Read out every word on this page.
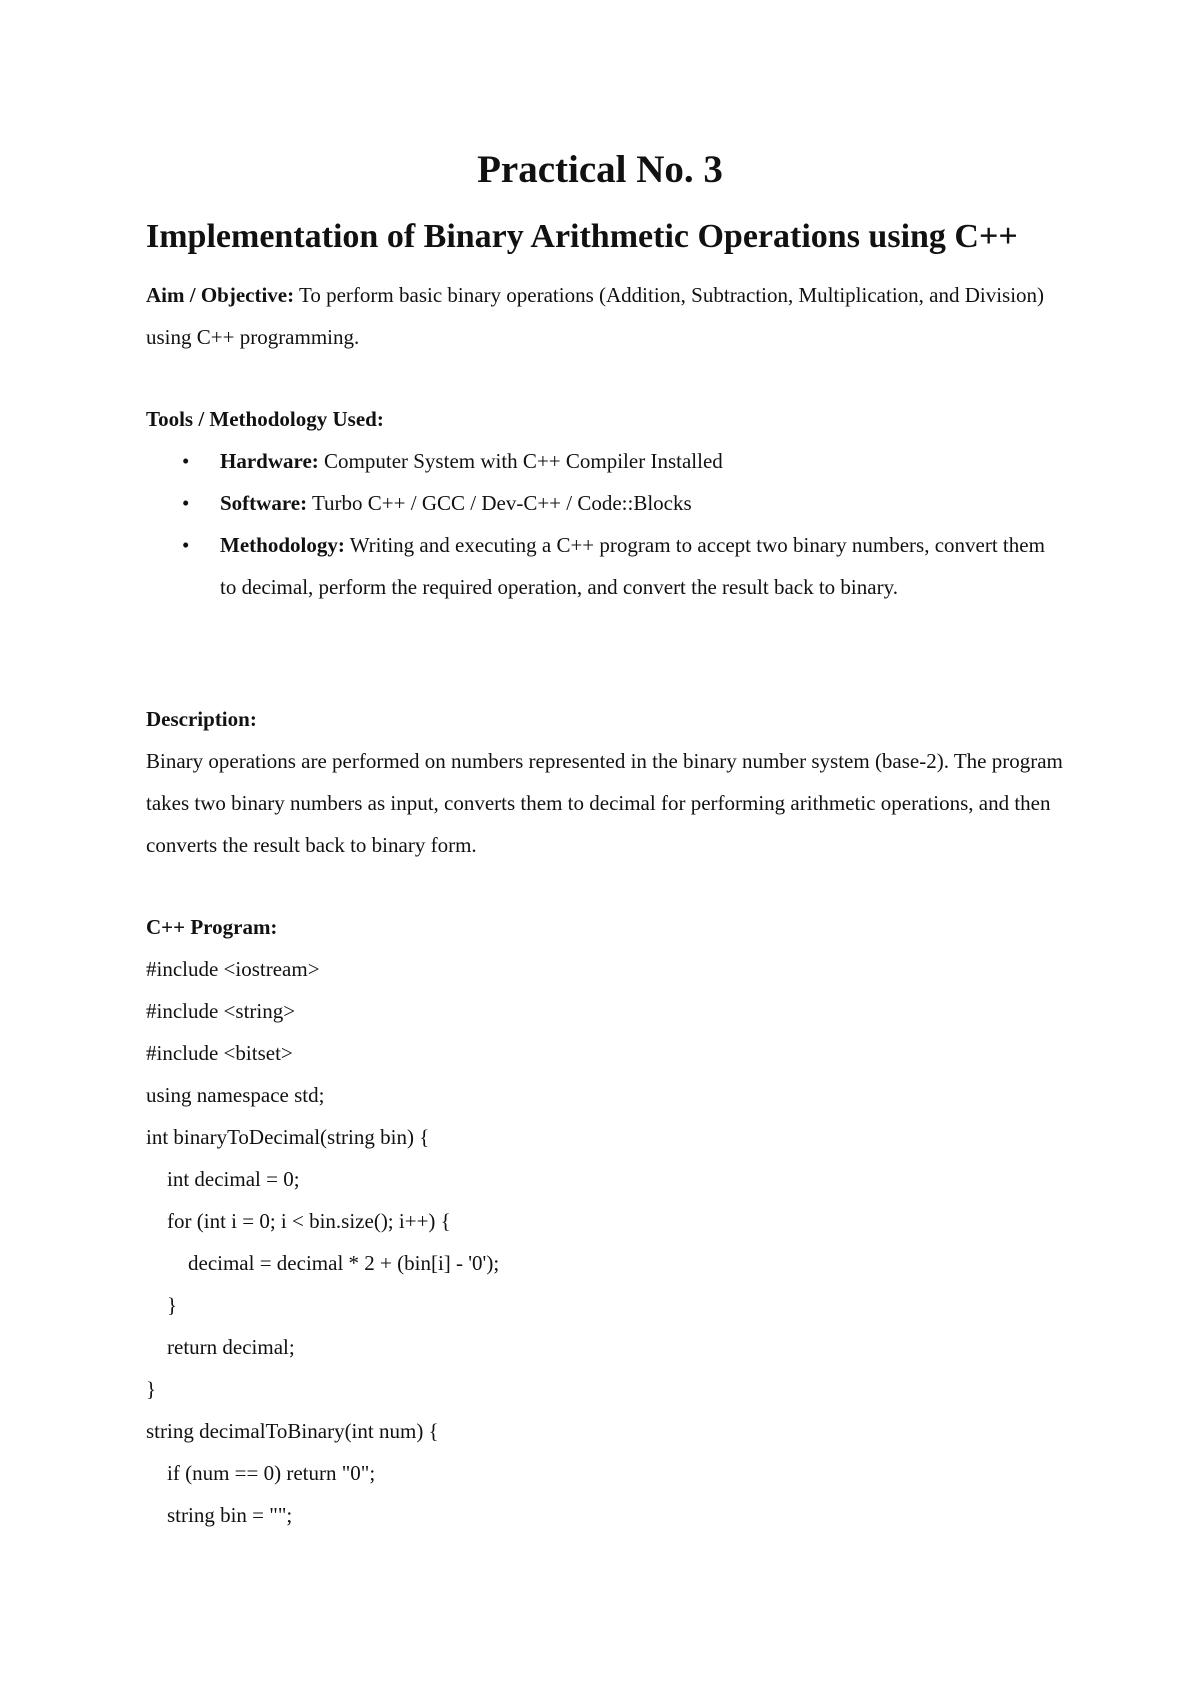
Practical No. 3
Implementation of Binary Arithmetic Operations using C++
Aim / Objective: To perform basic binary operations (Addition, Subtraction, Multiplication, and Division) using C++ programming.
Tools / Methodology Used:
• Hardware: Computer System with C++ Compiler Installed
• Software: Turbo C++ / GCC / Dev-C++ / Code::Blocks
• Methodology: Writing and executing a C++ program to accept two binary numbers, convert them to decimal, perform the required operation, and convert the result back to binary.
Description:
Binary operations are performed on numbers represented in the binary number system (base-2). The program takes two binary numbers as input, converts them to decimal for performing arithmetic operations, and then converts the result back to binary form.
C++ Program:
#include <iostream>
#include <string>
#include <bitset>
using namespace std;
int binaryToDecimal(string bin) {
int decimal = 0;
for (int i = 0; i < bin.size(); i++) {
decimal = decimal * 2 + (bin[i] - '0');
}
return decimal;
}
string decimalToBinary(int num) {
if (num == 0) return "0";
string bin = "";
